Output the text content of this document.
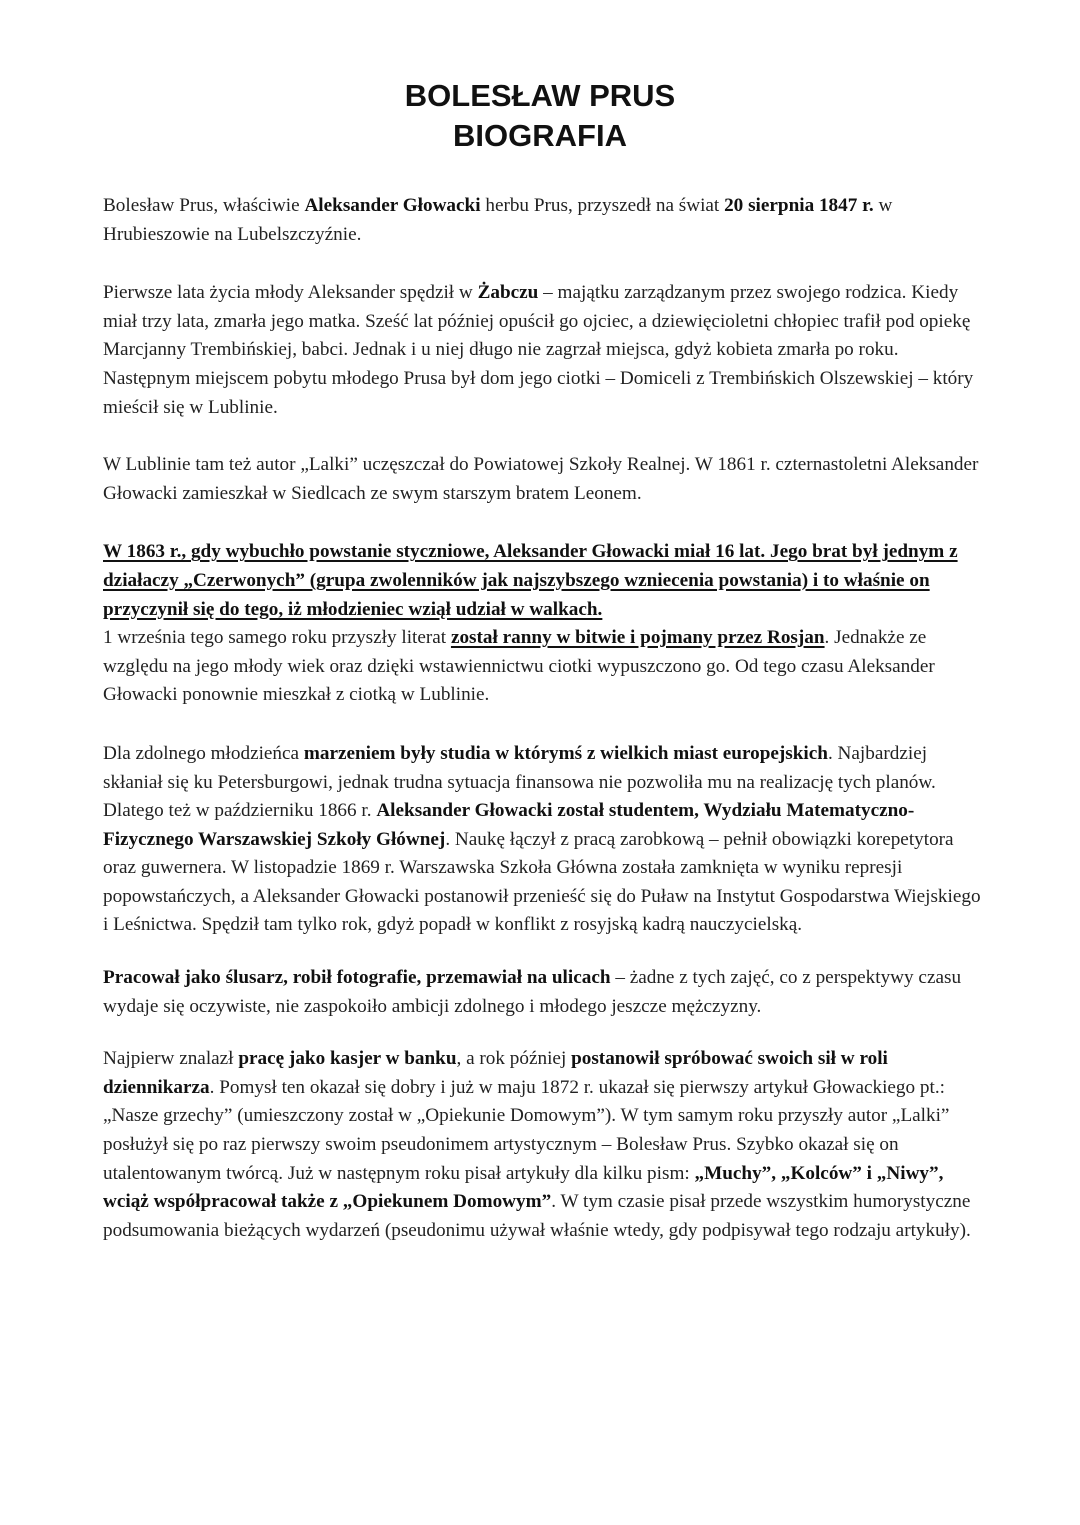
BOLESŁAW PRUS
BIOGRAFIA

Bolesław Prus, właściwie Aleksander Głowacki herbu Prus, przyszedł na świat 20 sierpnia 1847 r. w Hrubieszowie na Lubelszczyźnie.

Pierwsze lata życia młody Aleksander spędził w Żabczu – majątku zarządzanym przez swojego rodzica. Kiedy miał trzy lata, zmarła jego matka. Sześć lat później opuścił go ojciec, a dziewięcioletni chłopiec trafił pod opiekę Marcjanny Trembińskiej, babci. Jednak i u niej długo nie zagrzał miejsca, gdyż kobieta zmarła po roku. Następnym miejscem pobytu młodego Prusa był dom jego ciotki – Domiceli z Trembińskich Olszewskiej – który mieścił się w Lublinie.

W Lublinie tam też autor „Lalki” uczęszczał do Powiatowej Szkoły Realnej. W 1861 r. czternastoletni Aleksander Głowacki zamieszkał w Siedlcach ze swym starszym bratem Leonem.

W 1863 r., gdy wybuchło powstanie styczniowe, Aleksander Głowacki miał 16 lat. Jego brat był jednym z działaczy „Czerwonych” (grupa zwolenników jak najszybszego wzniecenia powstania) i to właśnie on przyczynił się do tego, iż młodzieniec wziął udział w walkach.
1 września tego samego roku przyszły literat został ranny w bitwie i pojmany przez Rosjan. Jednakże ze względu na jego młody wiek oraz dzięki wstawiennictwu ciotki wypuszczono go. Od tego czasu Aleksander Głowacki ponownie mieszkał z ciotką w Lublinie.

Dla zdolnego młodzieńca marzeniem były studia w którymś z wielkich miast europejskich. Najbardziej skłaniał się ku Petersburgowi, jednak trudna sytuacja finansowa nie pozwoliła mu na realizację tych planów. Dlatego też w październiku 1866 r. Aleksander Głowacki został studentem, Wydziału Matematyczno-Fizycznego Warszawskiej Szkoły Głównej. Naukę łączył z pracą zarobkową – pełnił obowiązki korepetytora oraz guwernera. W listopadzie 1869 r. Warszawska Szkoła Główna została zamknięta w wyniku represji popowstańczych, a Aleksander Głowacki postanowił przenieść się do Puław na Instytut Gospodarstwa Wiejskiego i Leśnictwa. Spędził tam tylko rok, gdyż popadł w konflikt z rosyjską kadrą nauczycielską.

Pracował jako ślusarz, robił fotografie, przemawiał na ulicach – żadne z tych zajęć, co z perspektywy czasu wydaje się oczywiste, nie zaspokoiło ambicji zdolnego i młodego jeszcze mężczyzny.

Najpierw znalazł pracę jako kasjer w banku, a rok później postanowił spróbować swoich sił w roli dziennikarza. Pomysł ten okazał się dobry i już w maju 1872 r. ukazał się pierwszy artykuł Głowackiego pt.: „Nasze grzechy” (umieszczony został w „Opiekunie Domowym”). W tym samym roku przyszły autor „Lalki” posłużył się po raz pierwszy swoim pseudonimem artystycznym – Bolesław Prus. Szybko okazał się on utalentowanym twórcą. Już w następnym roku pisał artykuły dla kilku pism: „Muchy”, „Kolców” i „Niwy”, wciąż współpracował także z „Opiekunem Domowym”. W tym czasie pisał przede wszystkim humorystyczne podsumowania bieżących wydarzeń (pseudonimu używał właśnie wtedy, gdy podpisywał tego rodzaju artykuły).
